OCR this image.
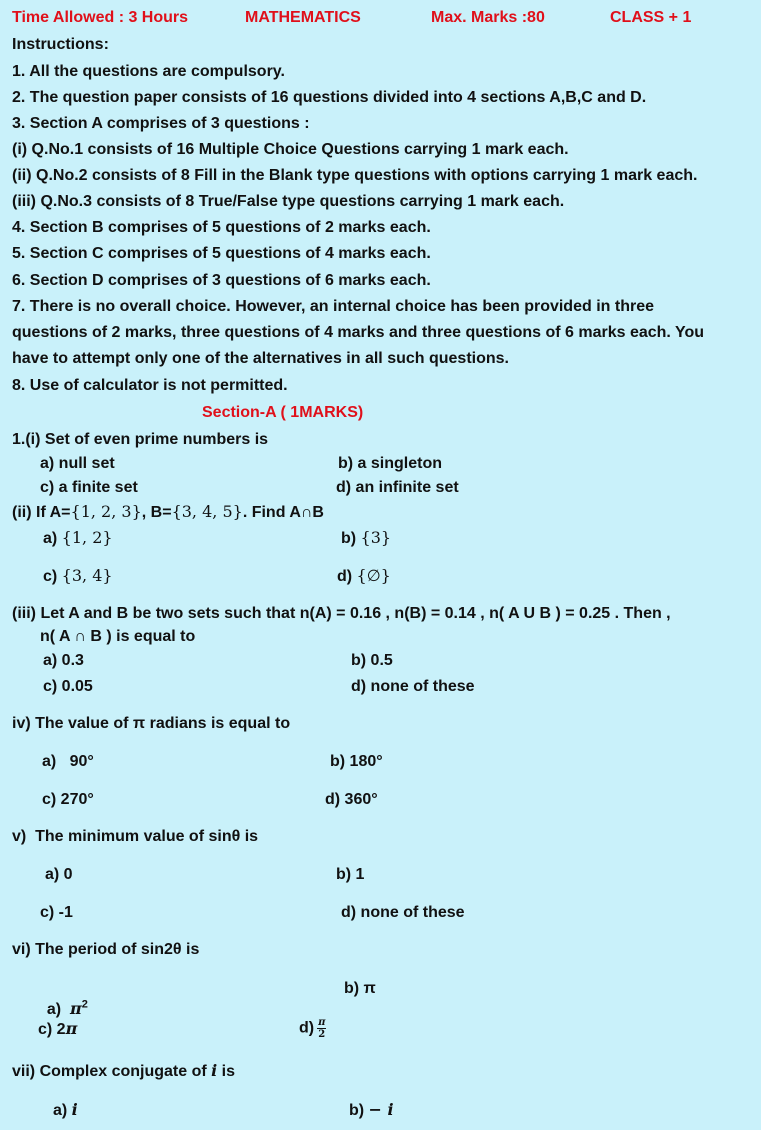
Time Allowed : 3 Hours	MATHEMATICS	Max. Marks :80	CLASS + 1
Instructions:
1. All the questions are compulsory.
2. The question paper consists of 16 questions divided into 4 sections A,B,C and D.
3. Section A comprises of 3 questions :
(i) Q.No.1 consists of 16 Multiple Choice Questions carrying 1 mark each.
(ii) Q.No.2 consists of 8 Fill in the Blank type questions with options carrying 1 mark each.
(iii) Q.No.3 consists of 8 True/False type questions carrying 1 mark each.
4. Section B comprises of 5 questions of 2 marks each.
5. Section C comprises of 5 questions of 4 marks each.
6. Section D comprises of 3 questions of 6 marks each.
7. There is no overall choice. However, an internal choice has been provided in three
questions of 2 marks, three questions of 4 marks and three questions of 6 marks each. You
have to attempt only one of the alternatives in all such questions.
8. Use of calculator is not permitted.
Section-A ( 1MARKS)
1.(i) Set of even prime numbers is
a) null set	b) a singleton
c) a finite set	d) an infinite set
(ii) If A={1, 2, 3}, B={3, 4, 5}. Find A∩B
a) {1, 2}	b) {3}
c) {3, 4}	d) {∅}
(iii) Let A and B be two sets such that n(A) = 0.16 , n(B) = 0.14 , n( A U B ) = 0.25 . Then ,
n( A ∩ B ) is equal to
a) 0.3	b) 0.5
c) 0.05	d) none of these
iv) The value of π radians is equal to
a)   90°	b) 180°
c) 270°	d) 360°
v)  The minimum value of sinθ is
a) 0	b) 1
c) -1	d) none of these
vi) The period of sin2θ is

a)  $\pi^2$

b) π
c) 2π	$d) \frac{\pi}{2}$
vii) Complex conjugate of i is
a) i	b) − i
